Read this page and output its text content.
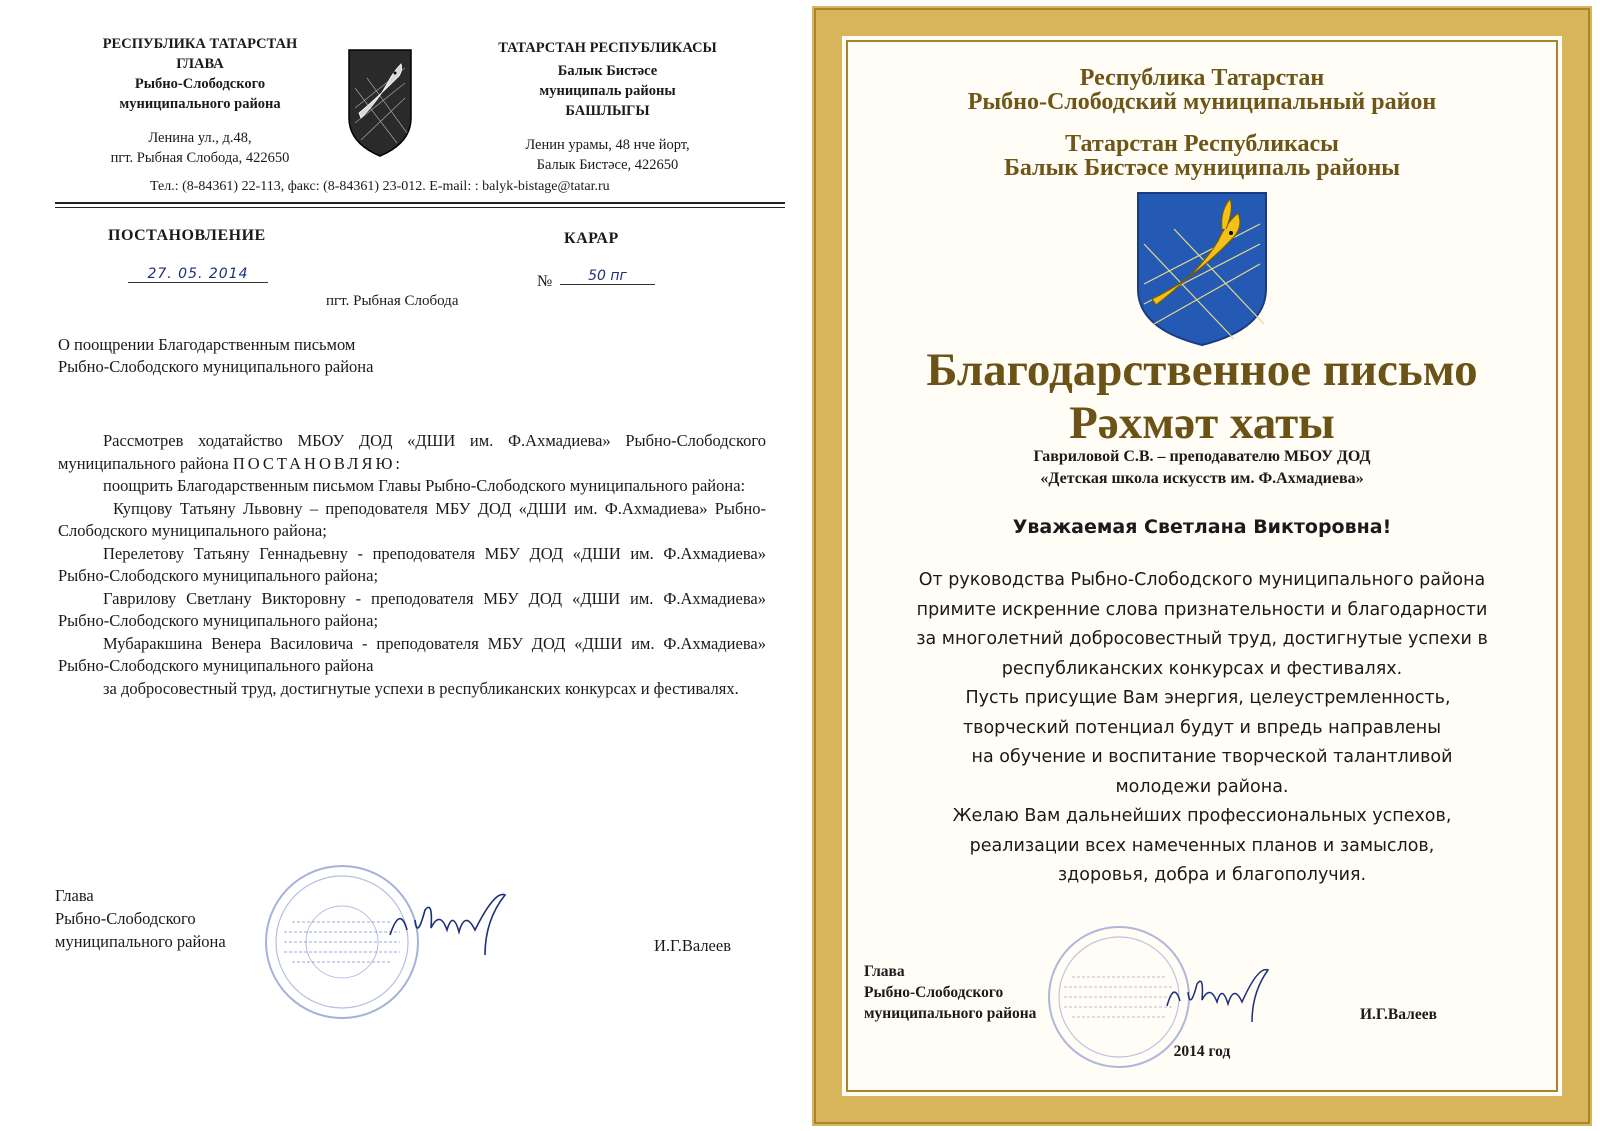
РЕСПУБЛИКА ТАТАРСТАН
ГЛАВА
Рыбно-Слободского
муниципального района
Ленина ул., д.48,
пгт. Рыбная Слобода, 422650
ТАТАРСТАН РЕСПУБЛИКАСЫ
Балык Бистәсе
муниципаль районы
БАШЛЫГЫ
Ленин урамы, 48 нче йорт,
Балык Бистәсе, 422650
Тел.: (8-84361) 22-113, факс: (8-84361) 23-012. E-mail: : balyk-bistage@tatar.ru
ПОСТАНОВЛЕНИЕ	КАРАР
27. 05. 2014	№	50 пг
пгт. Рыбная Слобода
О поощрении Благодарственным письмом
Рыбно-Слободского муниципального района

Рассмотрев ходатайство МБОУ ДОД «ДШИ им. Ф.Ахмадиева» Рыбно-Слободского муниципального района ПОСТАНОВЛЯЮ:

поощрить Благодарственным письмом Главы Рыбно-Слободского муниципального района:

Купцову Татьяну Львовну – преподователя МБУ ДОД «ДШИ им. Ф.Ахмадиева» Рыбно-Слободского муниципального района;

Перелетову Татьяну Геннадьевну - преподователя МБУ ДОД «ДШИ им. Ф.Ахмадиева» Рыбно-Слободского муниципального района;

Гаврилову Светлану Викторовну - преподователя МБУ ДОД «ДШИ им. Ф.Ахмадиева» Рыбно-Слободского муниципального района;

Мубаракшина Венера Василовича - преподователя МБУ ДОД «ДШИ им. Ф.Ахмадиева» Рыбно-Слободского муниципального района

за добросовестный труд, достигнутые успехи в республиканских конкурсах и фестивалях.

Глава
Рыбно-Слободского
муниципального района	И.Г.Валеев
Республика Татарстан
Рыбно-Слободский муниципальный район
Татарстан Республикасы
Балык Бистәсе муниципаль районы
Благодарственное письмо
Рәхмәт хаты
Гавриловой С.В. – преподавателю МБОУ ДОД
«Детская школа искусств им. Ф.Ахмадиева»
Уважаемая Светлана Викторовна!

От руководства Рыбно-Слободского муниципального района

примите искренние слова признательности и благодарности

за многолетний добросовестный труд, достигнутые успехи в

республиканских конкурсах и фестивалях.

Пусть присущие Вам энергия, целеустремленность,

творческий потенциал будут и впредь направлены

на обучение и воспитание творческой талантливой

молодежи района.

Желаю Вам дальнейших профессиональных успехов,

реализации всех намеченных планов и замыслов,

здоровья, добра и благополучия.

Глава
Рыбно-Слободского
муниципального района	И.Г.Валеев
2014 год
